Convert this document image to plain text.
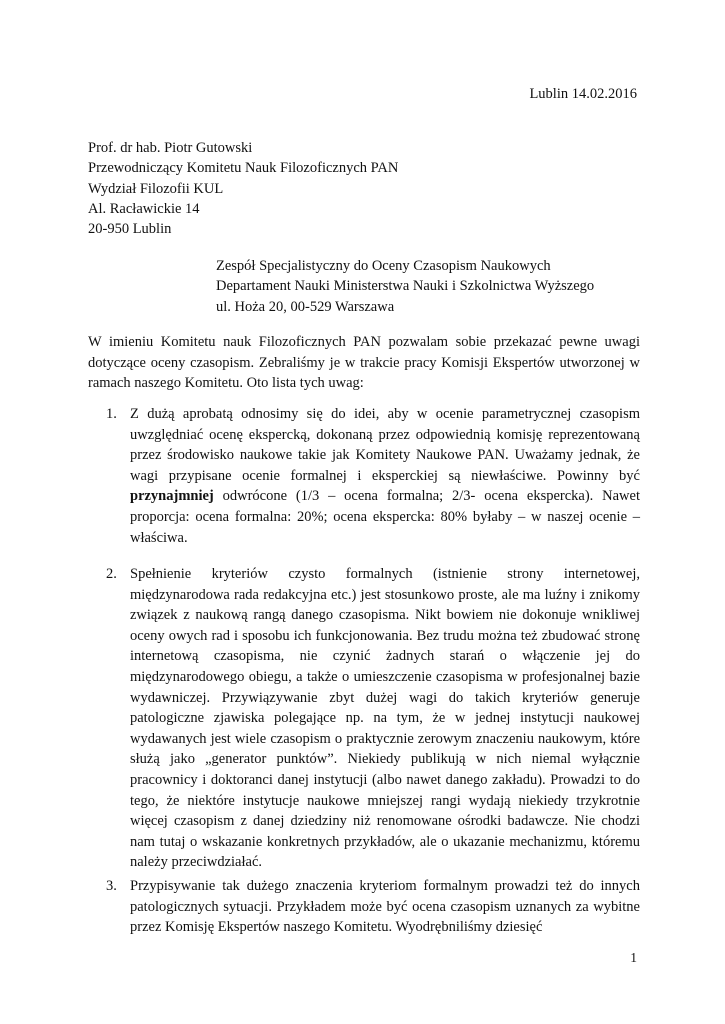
Lublin 14.02.2016
Prof. dr hab. Piotr Gutowski
Przewodniczący Komitetu Nauk Filozoficznych PAN
Wydział Filozofii KUL
Al. Racławickie 14
20-950 Lublin
Zespół Specjalistyczny do Oceny Czasopism Naukowych
Departament Nauki Ministerstwa Nauki i Szkolnictwa Wyższego
ul. Hoża 20, 00-529 Warszawa
W imieniu Komitetu nauk Filozoficznych PAN pozwalam sobie przekazać pewne uwagi dotyczące oceny czasopism. Zebraliśmy je w trakcie pracy Komisji Ekspertów utworzonej w ramach naszego Komitetu. Oto lista tych uwag:
1. Z dużą aprobatą odnosimy się do idei, aby w ocenie parametrycznej czasopism uwzględniać ocenę ekspercką, dokonaną przez odpowiednią komisję reprezentowaną przez środowisko naukowe takie jak Komitety Naukowe PAN. Uważamy jednak, że wagi przypisane ocenie formalnej i eksperckiej są niewłaściwe. Powinny być przynajmniej odwrócone (1/3 – ocena formalna; 2/3- ocena ekspercka). Nawet proporcja: ocena formalna: 20%; ocena ekspercka: 80% byłaby – w naszej ocenie – właściwa.
2. Spełnienie kryteriów czysto formalnych (istnienie strony internetowej, międzynarodowa rada redakcyjna etc.) jest stosunkowo proste, ale ma luźny i znikomy związek z naukową rangą danego czasopisma. Nikt bowiem nie dokonuje wnikliwej oceny owych rad i sposobu ich funkcjonowania. Bez trudu można też zbudować stronę internetową czasopisma, nie czynić żadnych starań o włączenie jej do międzynarodowego obiegu, a także o umieszczenie czasopisma w profesjonalnej bazie wydawniczej. Przywiązywanie zbyt dużej wagi do takich kryteriów generuje patologiczne zjawiska polegające np. na tym, że w jednej instytucji naukowej wydawanych jest wiele czasopism o praktycznie zerowym znaczeniu naukowym, które służą jako „generator punktów”. Niekiedy publikują w nich niemal wyłącznie pracownicy i doktoranci danej instytucji (albo nawet danego zakładu). Prowadzi to do tego, że niektóre instytucje naukowe mniejszej rangi wydają niekiedy trzykrotnie więcej czasopism z danej dziedziny niż renomowane ośrodki badawcze. Nie chodzi nam tutaj o wskazanie konkretnych przykładów, ale o ukazanie mechanizmu, któremu należy przeciwdziałać.
3. Przypisywanie tak dużego znaczenia kryteriom formalnym prowadzi też do innych patologicznych sytuacji. Przykładem może być ocena czasopism uznanych za wybitne przez Komisję Ekspertów naszego Komitetu. Wyodrębniliśmy dziesięć
1
